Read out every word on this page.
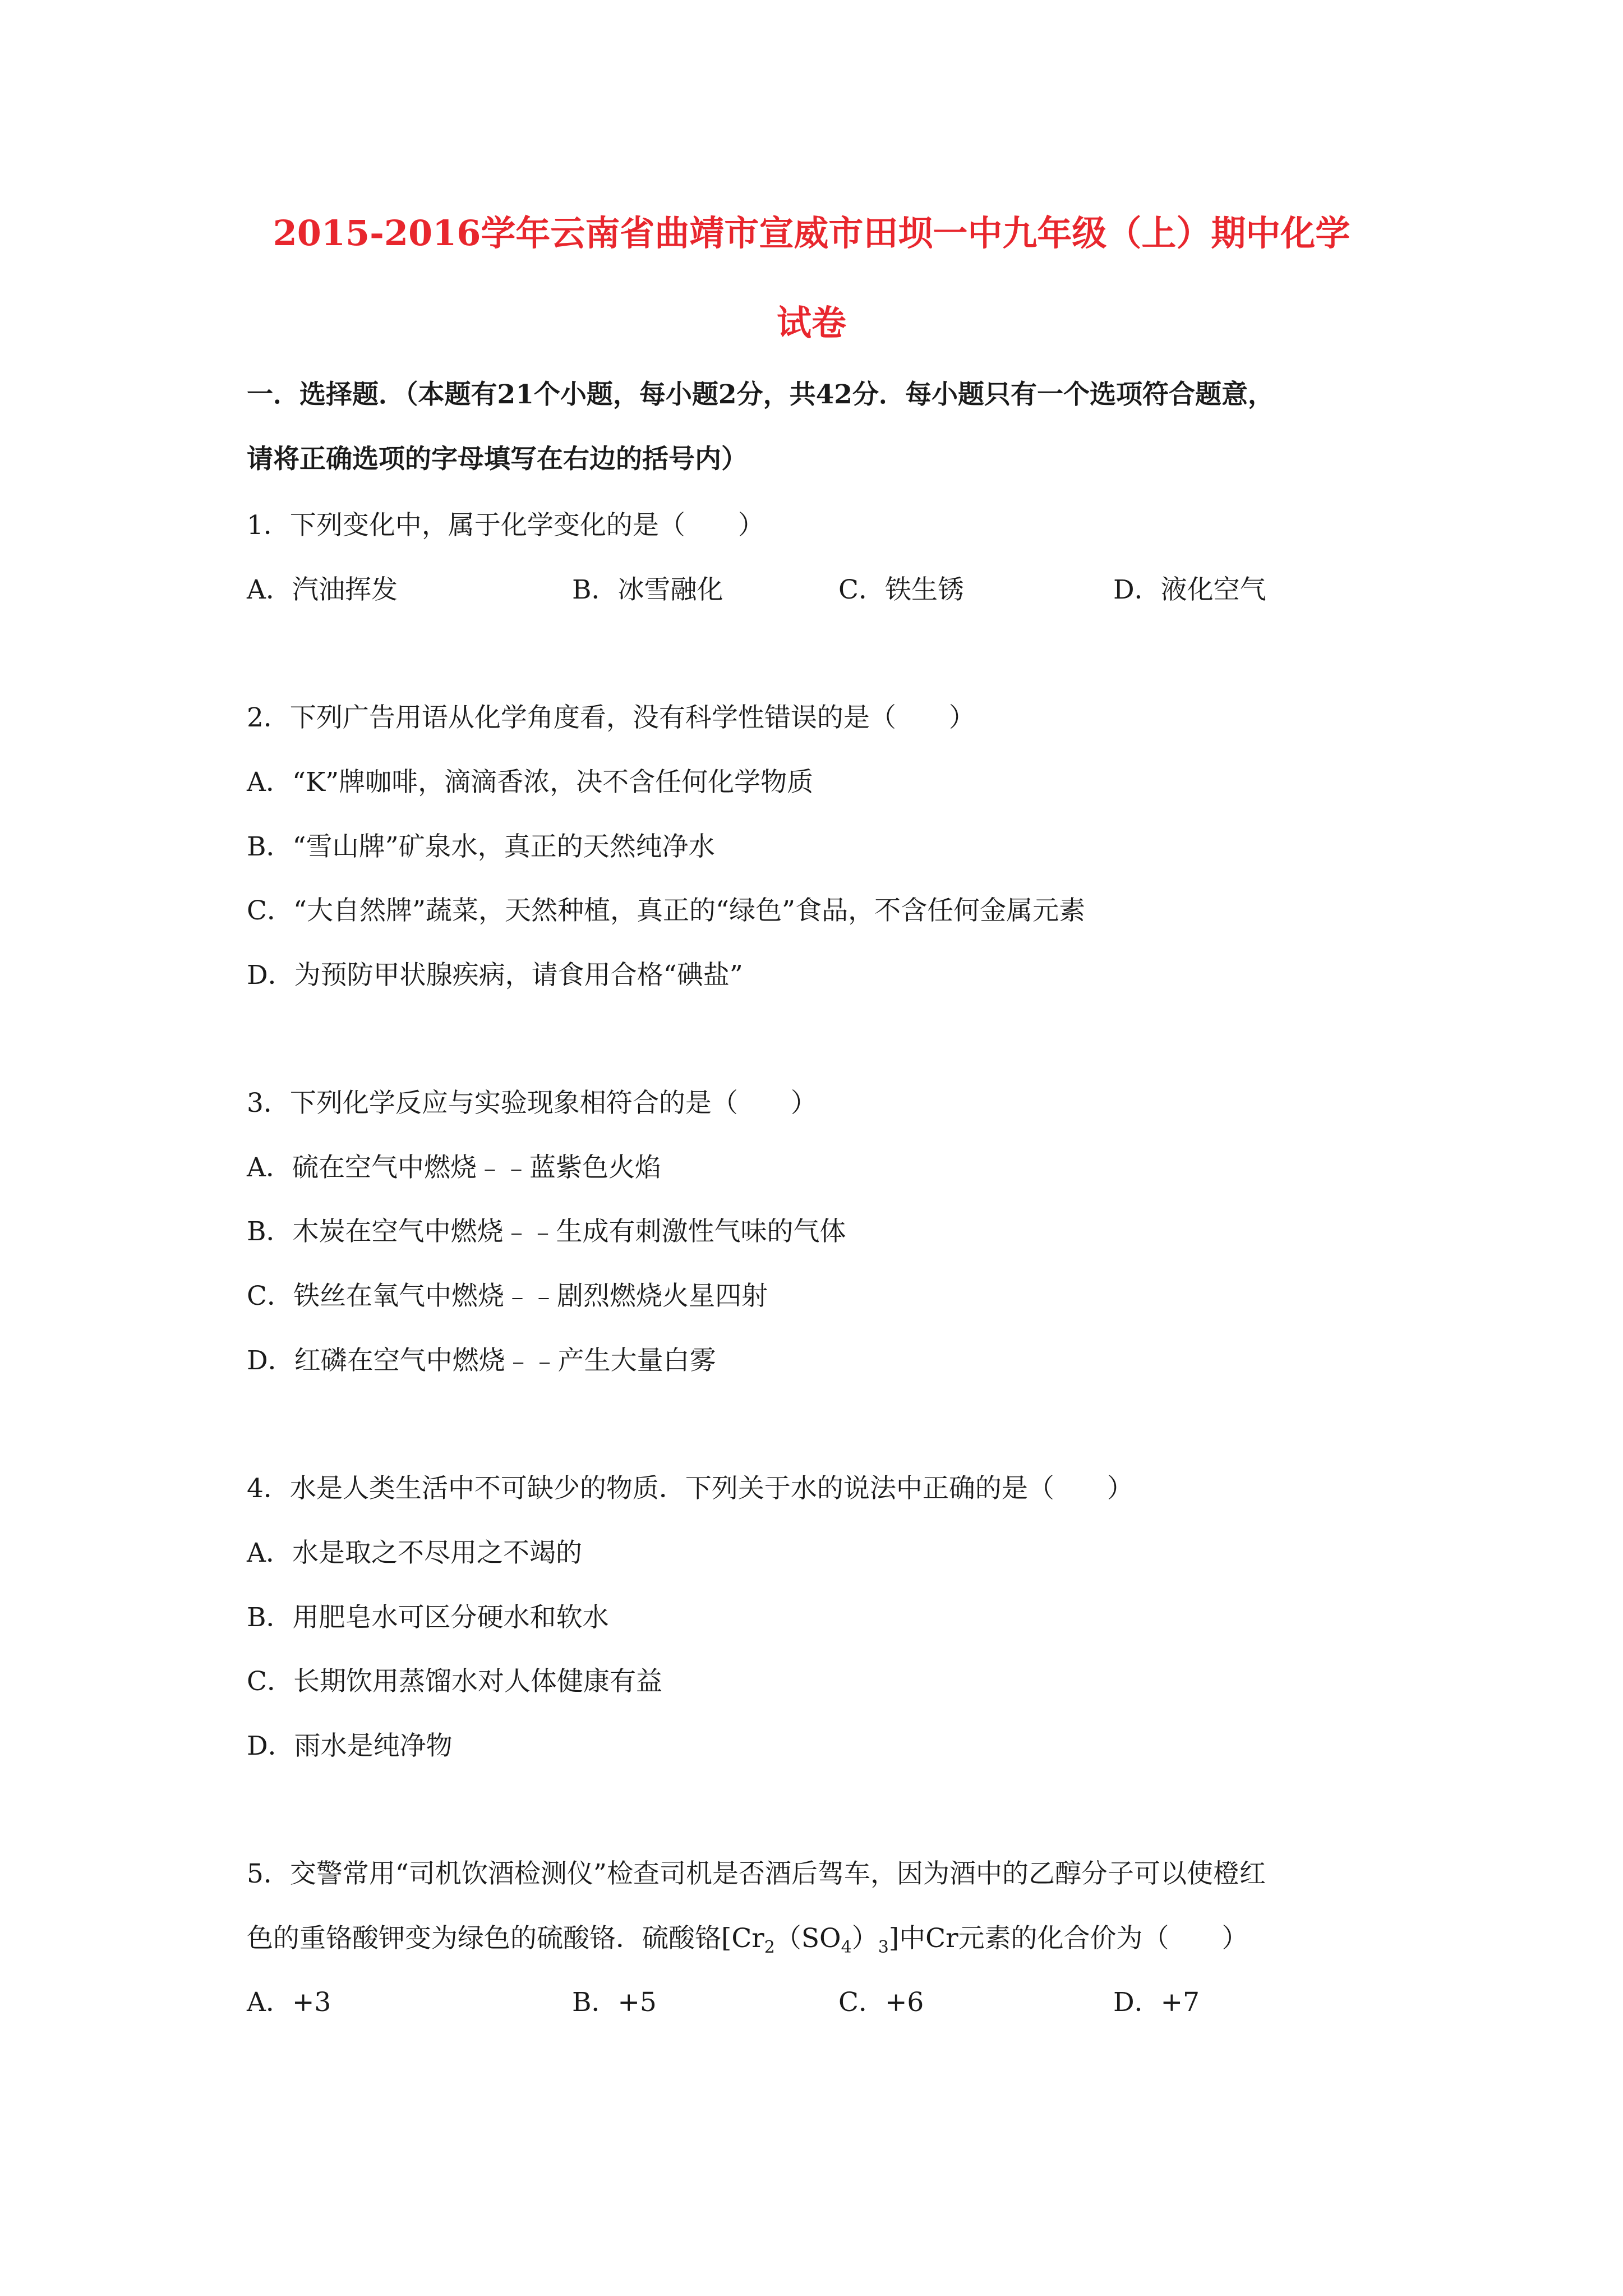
2015-2016学年云南省曲靖市宣威市田坝一中九年级（上）期中化学
试卷
一．选择题．（本题有21个小题，每小题2分，共42分．每小题只有一个选项符合题意，
请将正确选项的字母填写在右边的括号内）
1．下列变化中，属于化学变化的是（　　）
A．汽油挥发	B．冰雪融化	C．铁生锈	D．液化空气
2．下列广告用语从化学角度看，没有科学性错误的是（　　）
A．“K”牌咖啡，滴滴香浓，决不含任何化学物质
B．“雪山牌”矿泉水，真正的天然纯净水
C．“大自然牌”蔬菜，天然种植，真正的“绿色”食品，不含任何金属元素
D．为预防甲状腺疾病，请食用合格“碘盐”
3．下列化学反应与实验现象相符合的是（　　）
A．硫在空气中燃烧﹣﹣蓝紫色火焰
B．木炭在空气中燃烧﹣﹣生成有刺激性气味的气体
C．铁丝在氧气中燃烧﹣﹣剧烈燃烧火星四射
D．红磷在空气中燃烧﹣﹣产生大量白雾
4．水是人类生活中不可缺少的物质．下列关于水的说法中正确的是（　　）
A．水是取之不尽用之不竭的
B．用肥皂水可区分硬水和软水
C．长期饮用蒸馏水对人体健康有益
D．雨水是纯净物
5．交警常用“司机饮酒检测仪”检查司机是否酒后驾车，因为酒中的乙醇分子可以使橙红
色的重铬酸钾变为绿色的硫酸铬．硫酸铬$[Cr_2(SO_4)_3]$中Cr元素的化合价为（　　）
A．+3	B．+5	C．+6	D．+7
